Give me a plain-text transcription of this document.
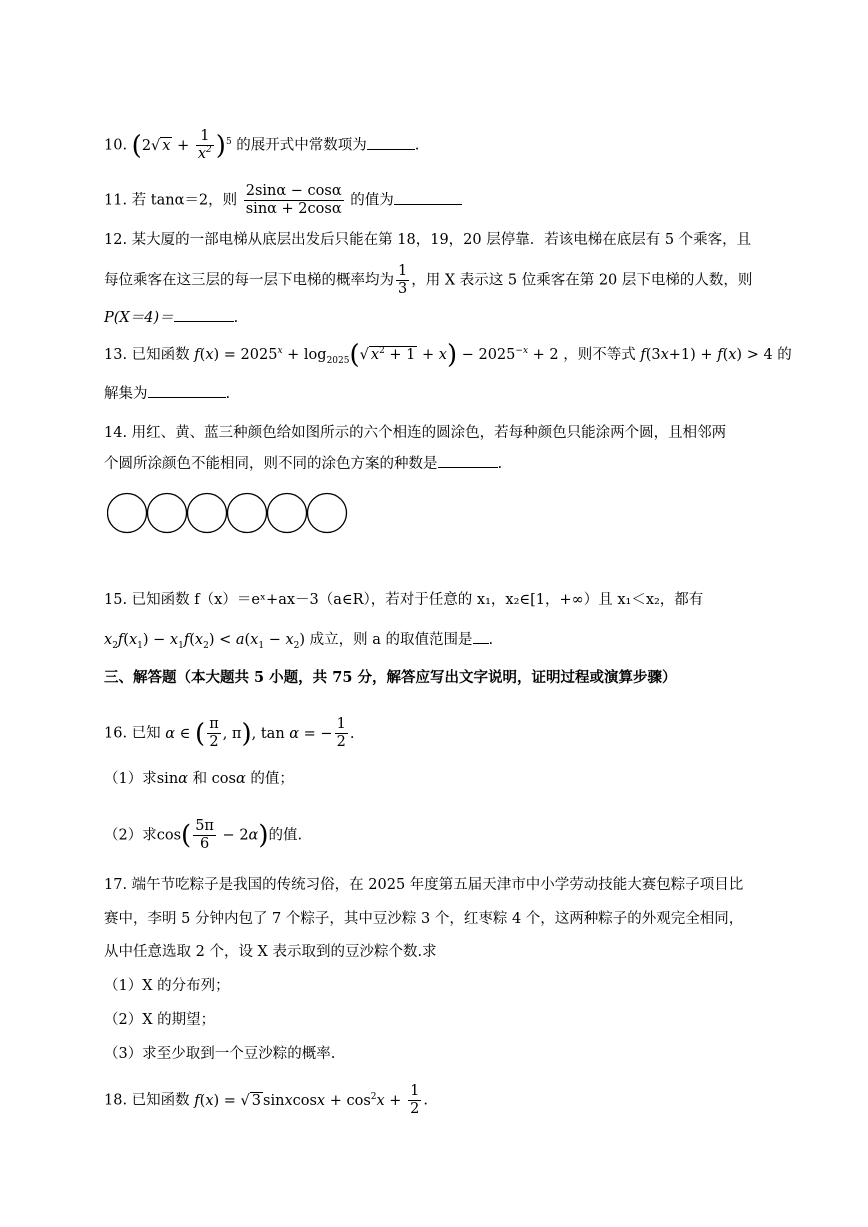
10. (2√ $x + \frac{1}{x^2} )^5$ 的展开式中常数项为	.
11. 若 tanα＝2，则 $\frac{2\sin\alpha - \cos\alpha}{\sin\alpha + 2\cos\alpha}$ 的值为
12. 某大厦的一部电梯从底层出发后只能在第 18，19，20 层停靠．若该电梯在底层有 5 个乘客，且
每位乘客在这三层的每一层下电梯的概率均为 $\frac{1}{3}$ ，用 X 表示这 5 位乘客在第 20 层下电梯的人数，则
P(X＝4)＝	.
13. 已知函数 $f(x) = 2025^x + \log_{2025}(√$ $x^2 + 1 + x) - 2025^{-x} + 2$ ，则不等式 f(3x+1) + f(x) > 4 的
解集为	.
14. 用红、黄、蓝三种颜色给如图所示的六个相连的圆涂色，若每种颜色只能涂两个圆，且相邻两
个圆所涂颜色不能相同，则不同的涂色方案的种数是	.
15. 已知函数 f（x）＝eˣ+ax－3（a∈R），若对于任意的 x₁，x₂∈[1，+∞）且 x₁＜x₂，都有
$x_2f(x_1) - x_1f(x_2) < a(x_1 - x_2)$ 成立，则 a 的取值范围是 .
三、解答题（本大题共 5 小题，共 75 分，解答应写出文字说明，证明过程或演算步骤）
16. 已知 α ∈ ( $\frac{\pi}{2}$ , π), tan α = − $\frac{1}{2}$ .
（1）求sinα 和 cosα 的值；
（2）求$\cos( \frac{5\pi}{6} - 2\alpha)$的值.
17. 端午节吃粽子是我国的传统习俗，在 2025 年度第五届天津市中小学劳动技能大赛包粽子项目比
赛中，李明 5 分钟内包了 7 个粽子，其中豆沙粽 3 个，红枣粽 4 个，这两种粽子的外观完全相同，
从中任意选取 2 个，设 X 表示取到的豆沙粽个数.求
（1）X 的分布列；
（2）X 的期望；
（3）求至少取到一个豆沙粽的概率.
18. 已知函数 f(x) = √ 3 sinxcosx + $\cos^2x + \frac{1}{2}$ .
